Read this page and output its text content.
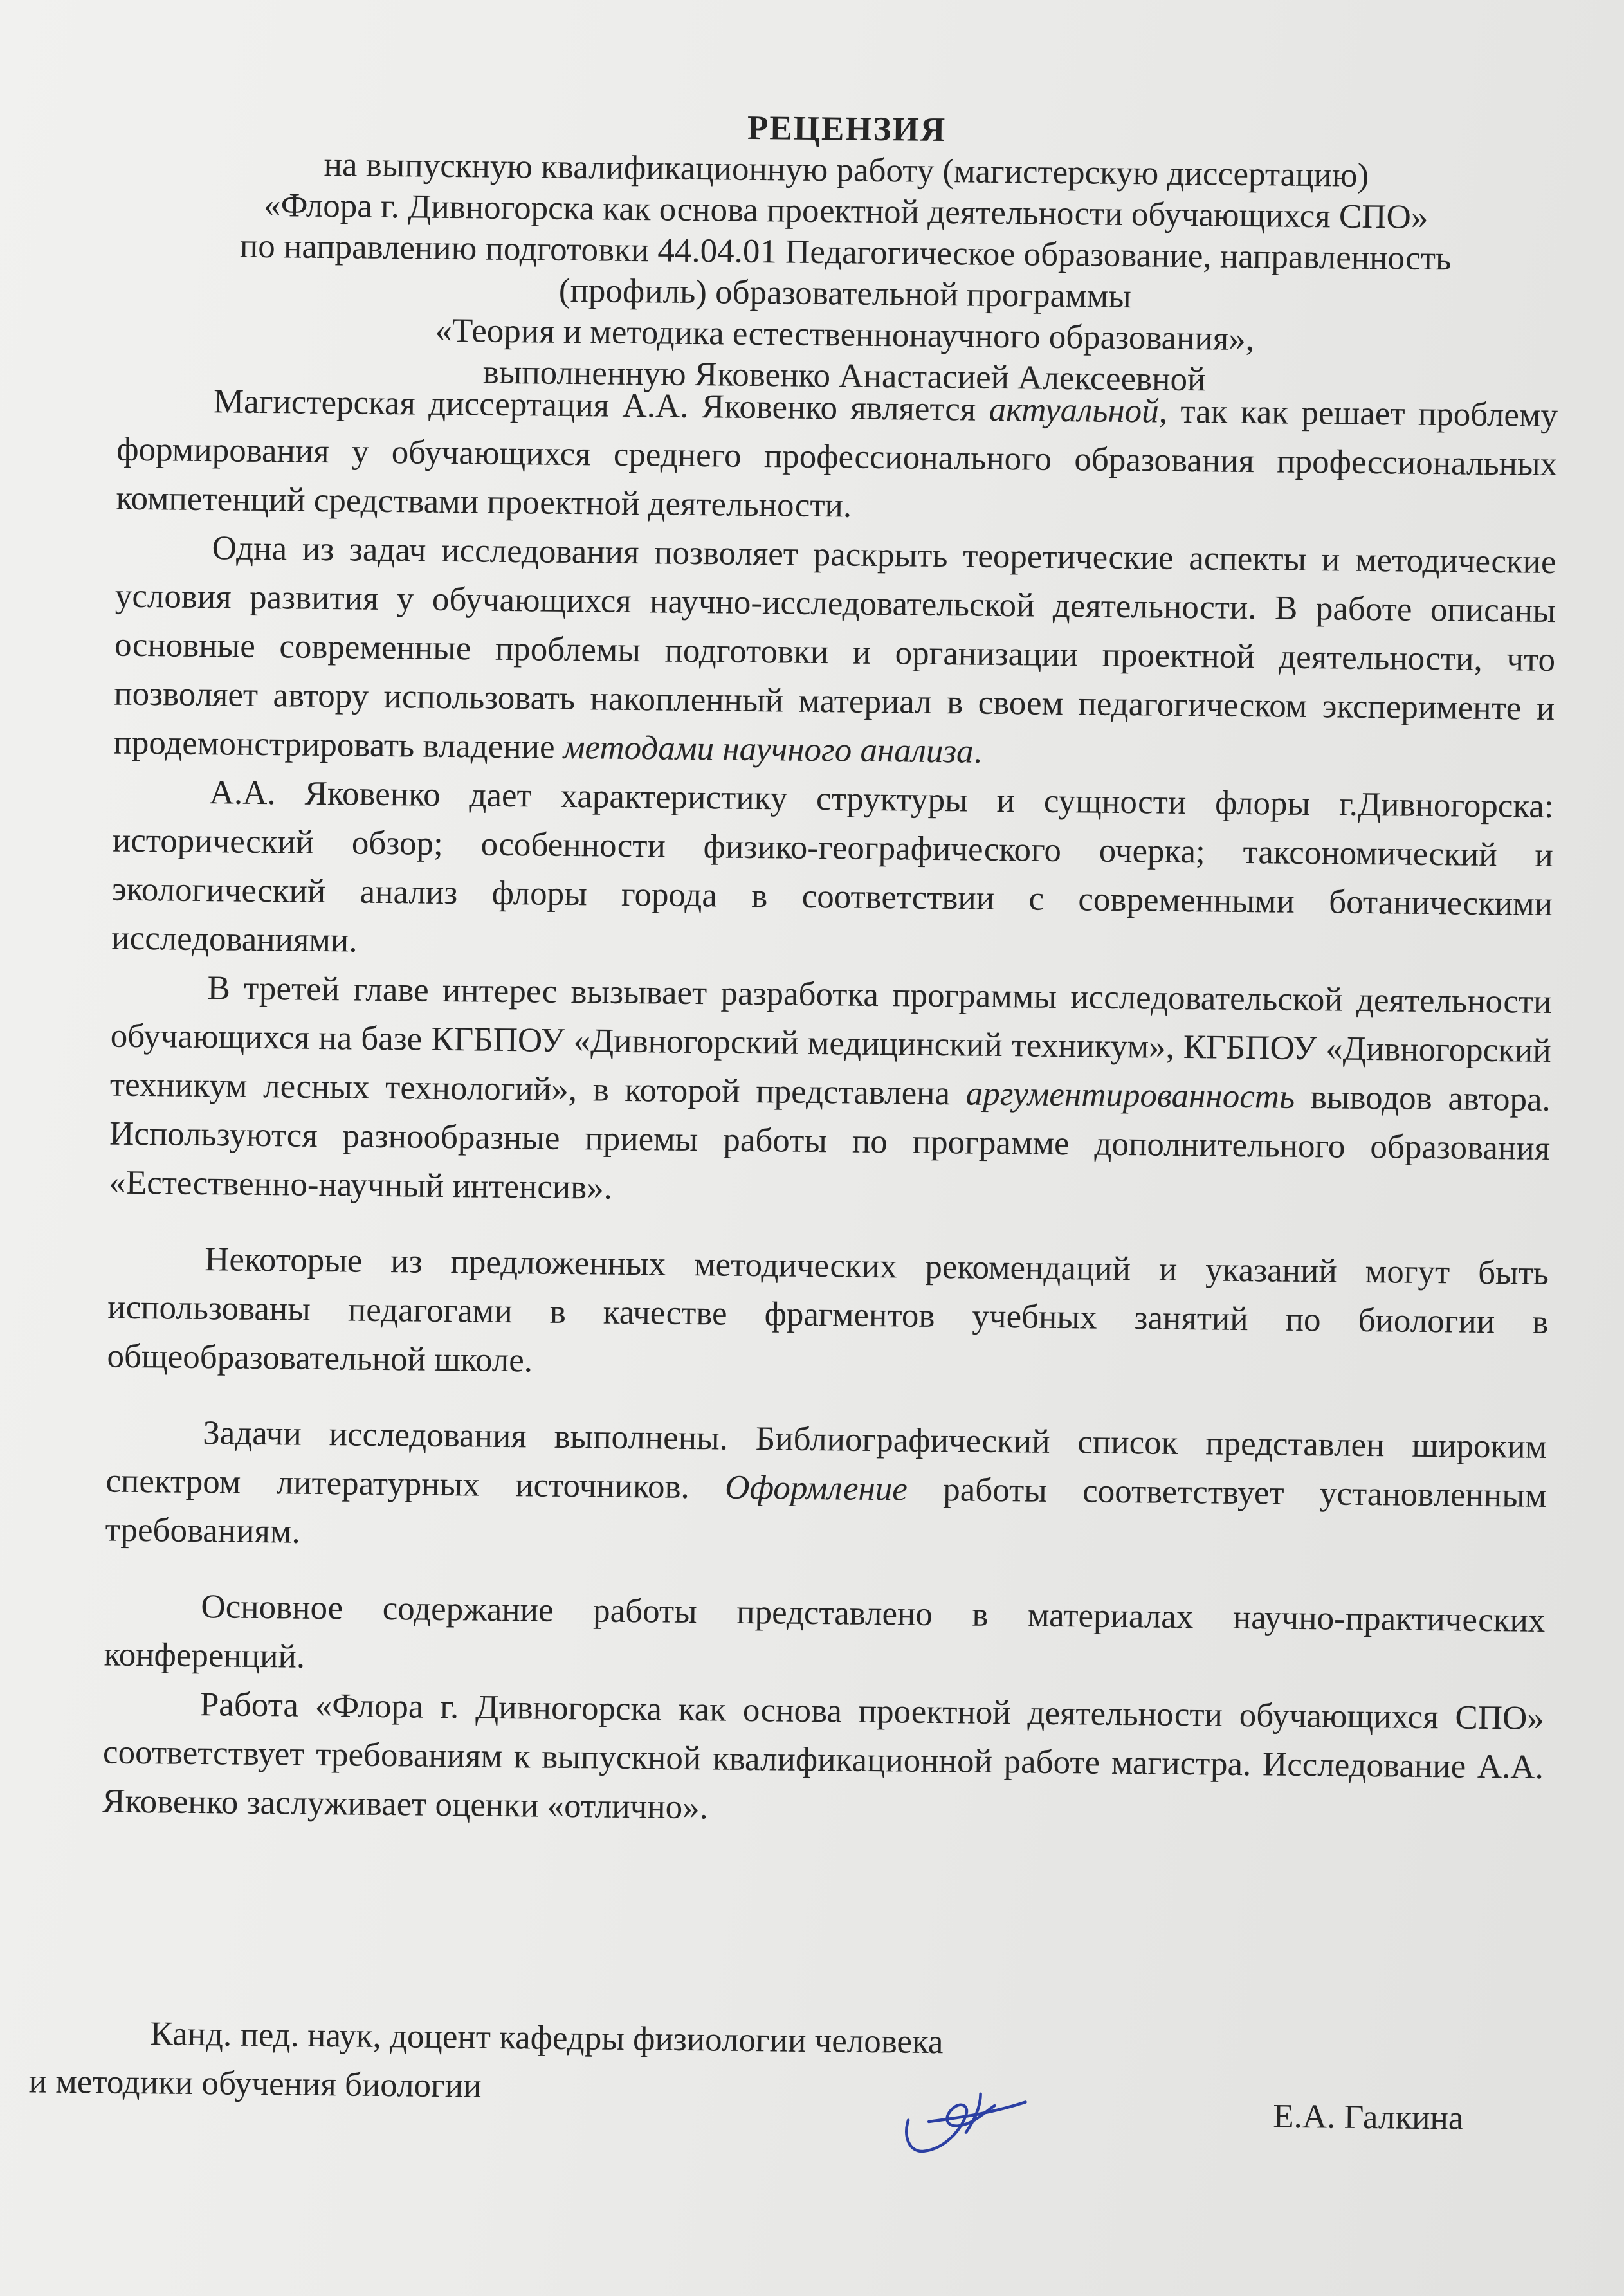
РЕЦЕНЗИЯ
на выпускную квалификационную работу (магистерскую диссертацию)
«Флора г. Дивногорска как основа проектной деятельности обучающихся СПО»
по направлению подготовки 44.04.01 Педагогическое образование, направленность
(профиль) образовательной программы
«Теория и методика естественнонаучного образования»,
выполненную Яковенко Анастасией Алексеевной

Магистерская диссертация А.А. Яковенко является актуальной, так как решает проблему формирования у обучающихся среднего профессионального образования профессиональных компетенций средствами проектной деятельности.

Одна из задач исследования позволяет раскрыть теоретические аспекты и методические условия развития у обучающихся научно-исследовательской деятельности. В работе описаны основные современные проблемы подготовки и организации проектной деятельности, что позволяет автору использовать накопленный материал в своем педагогическом эксперименте и продемонстрировать владение методами научного анализа.

А.А. Яковенко дает характеристику структуры и сущности флоры г.Дивногорска: исторический обзор; особенности физико-географического очерка; таксономический и экологический анализ флоры города в соответствии с современными ботаническими исследованиями.

В третей главе интерес вызывает разработка программы исследовательской деятельности обучающихся на базе КГБПОУ «Дивногорский медицинский техникум», КГБПОУ «Дивногорский техникум лесных технологий», в которой представлена аргументированность выводов автора. Используются разнообразные приемы работы по программе дополнительного образования «Естественно-научный интенсив».

Некоторые из предложенных методических рекомендаций и указаний могут быть использованы педагогами в качестве фрагментов учебных занятий по биологии в общеобразовательной школе.

Задачи исследования выполнены. Библиографический список представлен широким спектром литературных источников. Оформление работы соответствует установленным требованиям.

Основное содержание работы представлено в материалах научно-практических конференций.

Работа «Флора г. Дивногорска как основа проектной деятельности обучающихся СПО» соответствует требованиям к выпускной квалификационной работе магистра. Исследование А.А. Яковенко заслуживает оценки «отлично».

Канд. пед. наук, доцент кафедры физиологии человека
и методики обучения биологии
Е.А. Галкина
